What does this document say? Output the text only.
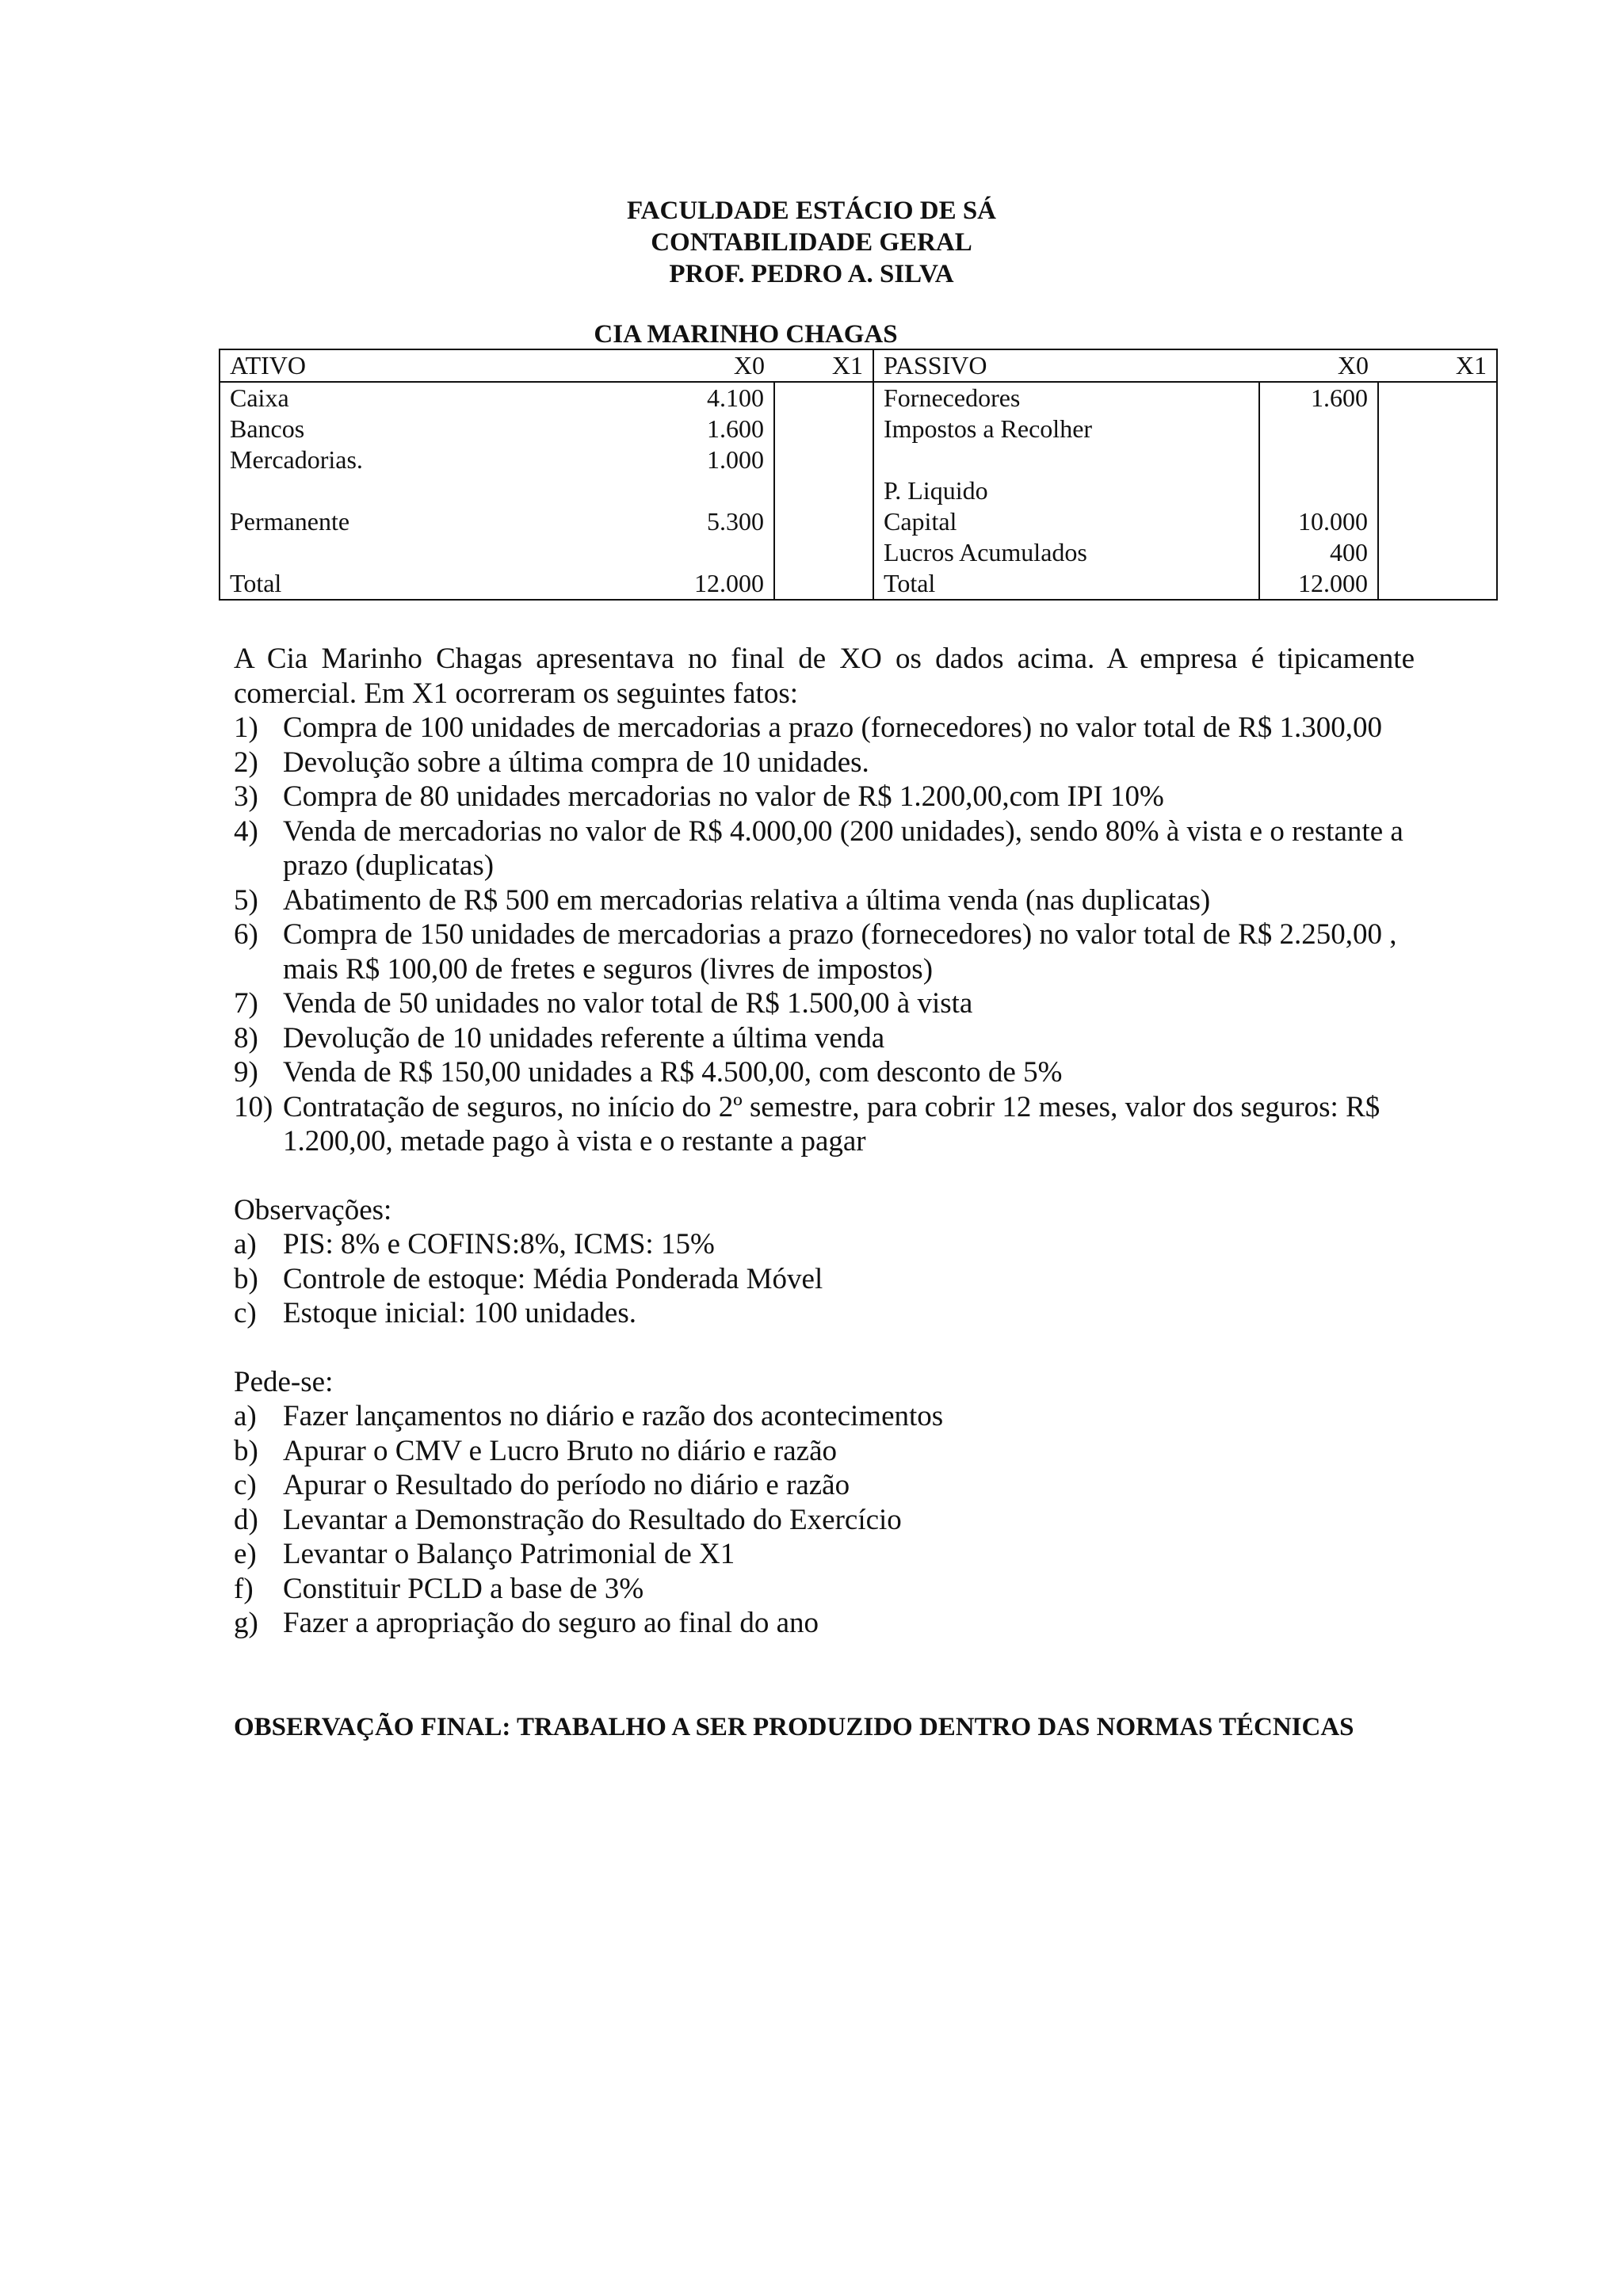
FACULDADE ESTÁCIO DE SÁ
CONTABILIDADE GERAL
PROF. PEDRO A. SILVA
CIA MARINHO CHAGAS
ATIVO	X0	X1	PASSIVO	X0	X1
Caixa	4.100		Fornecedores	1.600	
Bancos	1.600		Impostos a Recolher		
Mercadorias.	1.000				
			P. Liquido		
Permanente	5.300		Capital	10.000	
			Lucros Acumulados	400	
Total	12.000		Total	12.000	

A Cia Marinho Chagas apresentava no final de XO os dados acima. A empresa é tipicamente comercial. Em X1 ocorreram os seguintes fatos:

1) Compra de 100 unidades de mercadorias a prazo (fornecedores) no valor total de R$ 1.300,00
2) Devolução sobre a última compra de 10 unidades.
3) Compra de 80 unidades mercadorias no valor de R$ 1.200,00,com IPI 10%
4) Venda de mercadorias no valor de R$ 4.000,00 (200 unidades), sendo 80% à vista e o restante a prazo (duplicatas)
5) Abatimento de R$ 500 em mercadorias relativa a última venda (nas duplicatas)
6) Compra de 150 unidades de mercadorias a prazo (fornecedores) no valor total de R$ 2.250,00 , mais R$ 100,00 de fretes e seguros (livres de impostos)
7) Venda de 50 unidades no valor total de R$ 1.500,00 à vista
8) Devolução de 10 unidades referente a última venda
9) Venda de R$ 150,00 unidades a R$ 4.500,00, com desconto de 5%
10) Contratação de seguros, no início do 2º semestre, para cobrir 12 meses, valor dos seguros: R$ 1.200,00, metade pago à vista e o restante a pagar
Observações:
a) PIS: 8% e COFINS:8%, ICMS: 15%
b) Controle de estoque: Média Ponderada Móvel
c) Estoque inicial: 100 unidades.
Pede-se:
a) Fazer lançamentos no diário e razão dos acontecimentos
b) Apurar o CMV e Lucro Bruto no diário e razão
c) Apurar o Resultado do período no diário e razão
d) Levantar a Demonstração do Resultado do Exercício
e) Levantar o Balanço Patrimonial de X1
f) Constituir PCLD a base de 3%
g) Fazer a apropriação do seguro ao final do ano
OBSERVAÇÃO FINAL: TRABALHO A SER PRODUZIDO DENTRO DAS NORMAS TÉCNICAS
